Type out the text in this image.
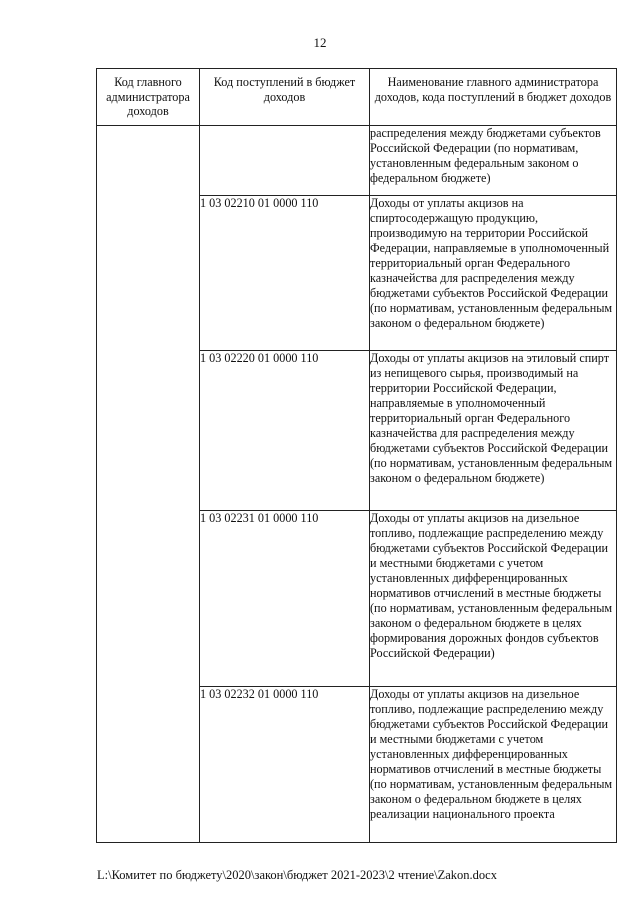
12
Код главного администратора доходов	Код поступлений в бюджет доходов	Наименование главного администратора доходов, кода поступлений в бюджет доходов
		распределения между бюджетами субъектов Российской Федерации (по нормативам, установленным федеральным законом о федеральном бюджете)
	1 03 02210 01 0000 110	Доходы от уплаты акцизов на спиртосодержащую продукцию, производимую на территории Российской Федерации, направляемые в уполномоченный территориальный орган Федерального казначейства для распределения между бюджетами субъектов Российской Федерации (по нормативам, установленным федеральным законом о федеральном бюджете)
	1 03 02220 01 0000 110	Доходы от уплаты акцизов на этиловый спирт из непищевого сырья, производимый на территории Российской Федерации, направляемые в уполномоченный территориальный орган Федерального казначейства для распределения между бюджетами субъектов Российской Федерации (по нормативам, установленным федеральным законом о федеральном бюджете)
	1 03 02231 01 0000 110	Доходы от уплаты акцизов на дизельное топливо, подлежащие распределению между бюджетами субъектов Российской Федерации и местными бюджетами с учетом установленных дифференцированных нормативов отчислений в местные бюджеты (по нормативам, установленным федеральным законом о федеральном бюджете в целях формирования дорожных фондов субъектов Российской Федерации)
	1 03 02232 01 0000 110	Доходы от уплаты акцизов на дизельное топливо, подлежащие распределению между бюджетами субъектов Российской Федерации и местными бюджетами с учетом установленных дифференцированных нормативов отчислений в местные бюджеты (по нормативам, установленным федеральным законом о федеральном бюджете в целях реализации национального проекта
L:\Комитет по бюджету\2020\закон\бюджет 2021-2023\2 чтение\Zakon.docx
